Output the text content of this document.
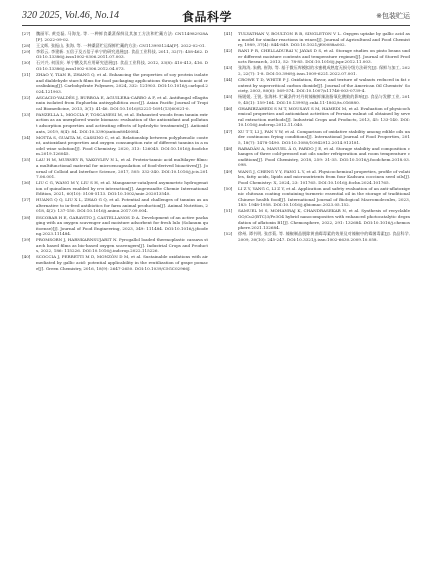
320 2025, Vol.46, No.14	食品科学	※包装贮运
[27]	魏丽军, 黄克磊, 马海龙, 等. 一种鲜食桑葚保鲜及其加工方法和贮藏方法: CN114982928A[P]. 2022-09-02.
[28]	王文辉, 张振山, 张海, 等. 一种桑葚贮运保鲜贮藏的方法: CN113995124A[P]. 2022-02-01.
[29]	李彩云, 李建新. 五倍子及五倍子单宁的研究进展[J]. 食品工业科技, 2011, 32(7): 458-462. DOI:10.13386/j.issn1002-0306.2011.07.003.
[30]	石兴兴, 何国庆. 单宁酸及其应用研究进展[J]. 食品工业科技, 2012, 33(8): 410-413, 416. DOI:10.13386/j.issn1002-0306.2012.04.073.
[31]	ZHAO Y, TIAN R, ZHANG Q, et al. Enhancing the properties of soy protein isolate and dialdehyde starch films for food packaging applications through tannic acid crosslinking[J]. Carbohydrate Polymers, 2024, 332: 121903. DOI:10.1016/j.carbpol.2024.121903.
[32]	ASCACIO-VALDÉS J, BURBOA E, AGUILERA-CARBO A F, et al. Antifungal ellagitannin isolated from Euphorbia antisyphilitica zucc[J]. Asian Pacific Journal of Tropical Biomedicine, 2013, 3(1): 41-46. DOI:10.1016/S2221-1691(13)60021-0.
[33]	PANZELLA L, MOCCIA F, TOSCANESI M, et al. Exhausted woods from tannin extraction as an unexplored waste biomass: evaluation of the antioxidant and pollutant adsorption properties and activating effects of hydrolytic treatments[J]. Antioxidants, 2019, 8(4): 84. DOI:10.3390/antiox8040084.
[34]	MOTTA S, GUAITA M, CASSINO C, et al. Relationship between polyphenolic content, antioxidant properties and oxygen consumption rate of different tannins in a model wine solution[J]. Food Chemistry, 2020, 313: 126045. DOI:10.1016/j.foodchem.2019.126045.
[35]	LAU H M, MURNEY R, YAKOVLEV N L, et al. Protein-tannic acid multilayer films: a multifunctional material for microencapsulation of food-derived bioactives[J]. Journal of Colloid and Interface Science, 2017, 505: 332-340. DOI:10.1016/j.jcis.2017.06.001.
[36]	LIU C G, WANG M Y, LIU S H, et al. Manganese-catalyzed asymmetric hydrogenation of quinolines enabled by π-π interaction[J]. Angewandte Chemie International Edition, 2021, 60(10): 5108-5113. DOI:10.1002/anie.202013540.
[37]	HUANG Q Q, LIU X L, ZHAO G Q, et al. Potential and challenges of tannins as an alternative to in-feed antibiotics for farm animal production[J]. Animal Nutrition, 2018, 4(2): 137-150. DOI:10.1016/j.aninu.2017.09.004.
[38]	ESCOBAR H E, GARAVITO J, CASTELLANOS D A. Development of an active packaging with an oxygen scavenger and moisture adsorbent for fresh lulo (Solanum quitoense)[J]. Journal of Food Engineering, 2023, 349: 111484. DOI:10.1016/j.jfoodeng.2023.111484.
[39]	PROMSORN J, HARNKARNSUJARIT N. Pyrogallol loaded thermoplastic cassava starch based films as bio-based oxygen scavengers[J]. Industrial Crops and Products, 2022, 186: 115226. DOI:10.1016/j.indcrop.2022.115226.
[40]	SCOCCIA J, PERRETTI M D, MONZÓN D M, et al. Sustainable oxidations with air mediated by gallic acid: potential applicability in the reutilization of grape pomace[J]. Green Chemistry, 2016, 18(9): 2647-2650. DOI:10.1039/C5GC02966J.
[41]	TULYATHAN V, BOULTON R B, SINGLETON V L. Oxygen uptake by gallic acid as a model for similar reactions in wines[J]. Journal of Agricultural and Food Chemistry, 1989, 37(4): 844-849. DOI:10.1021/jf00088a002.
[42]	RANI P R, CHELLADURAI V, JAYAS D S, et al. Storage studies on pinto beans under different moisture contents and temperature regimes[J]. Journal of Stored Products Research, 2013, 52: 78-85. DOI:10.1016/j.jspr.2012.11.003.
[43]	张海涛, 朱鹤, 崔海, 等. 基于微压库模拟的水蜜桃成熟度无损分级方法研究[J]. 保鲜与加工, 2022, 22(7): 1-8. DOI:10.3969/j.issn.1009-6221.2022.07.001.
[44]	CROWE T D, WHITE P J. Oxidation, flavor, and texture of walnuts reduced in fat content by supercritical carbon dioxide[J]. Journal of the American Oil Chemists' Society, 2003, 80(6): 569-574. DOI:10.1007/s11746-003-0739-4.
[45]	杨媛媛, 王锐, 张海林. 贮藏条件对丹荷辣椒鲜辣油脂氧化酸败的影响[J]. 食品与发酵工业, 2019, 45(1): 159-164. DOI:10.13995/j.cnki.11-1802/ts.016880.
[46]	GHARIBZAHEDI S M T, MOUSAVI S M, HAMEDI M, et al. Evaluation of physicochemical properties and antioxidant activities of Persian walnut oil obtained by several extraction methods[J]. Industrial Crops and Products, 2013, 45: 133-140. DOI:10.1016/j.indcrop.2012.11.040.
[47]	XU T T, LI J, FAN Y W, et al. Comparison of oxidative stability among edible oils under continuous frying conditions[J]. International Journal of Food Properties, 2015, 18(7): 1478-1490. DOI:10.1080/10942912.2014.913181.
[48]	RABADÁN A, MANUEL Á O, PARDO J E, et al. Storage stability and composition changes of three cold-pressed nut oils under refrigeration and room temperature conditions[J]. Food Chemistry, 2018, 259: 31-35. DOI:10.1016/j.foodchem.2018.03.098.
[49]	WANG J, CHENG Y Y, FANG L Y, et al. Physicochemical properties, profile of volatiles, fatty acids, lipids and micronutrients from four Kadsura coccinea seed oils[J]. Food Chemistry: X, 2024, 23: 101765. DOI:10.1016/j.fochx.2024.101765.
[50]	LI Z Y, YANG C, LI Z Y, et al. Application and safety evaluation of an anti-aflatoxigenic chitosan coating containing turmeric essential oil in the storage of traditional Chinese health food[J]. International Journal of Biological Macromolecules, 2023, 183: 1948-1958. DOI:10.1016/j.ijbiomac.2023.05.152.
[51]	SAMUEL M S, MOHANRAJ K, CHANDRASEKAR N, et al. Synthesis of recyclable GO/Cu2(BTC)3/Fe3O4 hybrid nanocomposites with enhanced photocatalytic degradation of aflatoxin B1[J]. Chemosphere, 2022, 291: 132684. DOI:10.1016/j.chemosphere.2021.132684.
[52]	徐州, 谭书明, 张彦菊, 等. 辣椒制品脱除黄曲霉毒素的效果及对辣椒中的霉菌毒素[J]. 食品科学, 2009, 30(10): 245-247. DOI:10.3321/j.issn:1002-6630.2009.10.058.
